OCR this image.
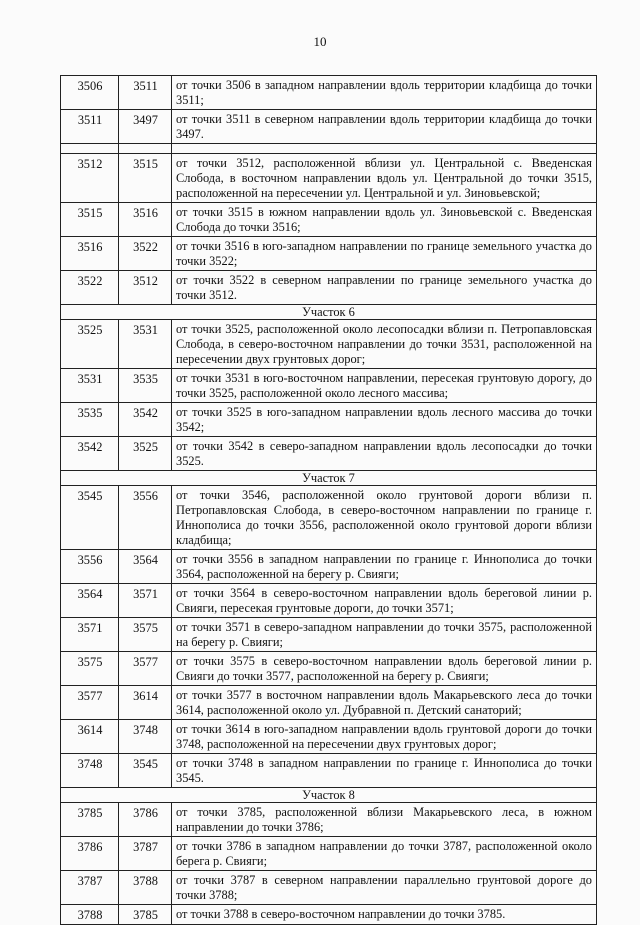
10
3506	3511	от точки 3506 в западном направлении вдоль территории кладбища до точки 3511;
3511	3497	от точки 3511 в северном направлении вдоль территории кладбища до точки 3497.

3512	3515	от точки 3512, расположенной вблизи ул. Центральной с. Введенская Слобода, в восточном направлении вдоль ул. Центральной до точки 3515, расположенной на пересечении ул. Центральной и ул. Зиновьевской;
3515	3516	от точки 3515 в южном направлении вдоль ул. Зиновьевской с. Введенская Слобода до точки 3516;
3516	3522	от точки 3516 в юго-западном направлении по границе земельного участка до точки 3522;
3522	3512	от точки 3522 в северном направлении по границе земельного участка до точки 3512.
Участок 6		
3525	3531	от точки 3525, расположенной около лесопосадки вблизи п. Петропавловская Слобода, в северо-восточном направлении до точки 3531, расположенной на пересечении двух грунтовых дорог;
3531	3535	от точки 3531 в юго-восточном направлении, пересекая грунтовую дорогу, до точки 3525, расположенной около лесного массива;
3535	3542	от точки 3525 в юго-западном направлении вдоль лесного массива до точки 3542;
3542	3525	от точки 3542 в северо-западном направлении вдоль лесопосадки до точки 3525.
Участок 7		
3545	3556	от точки 3546, расположенной около грунтовой дороги вблизи п. Петропавловская Слобода, в северо-восточном направлении по границе г. Иннополиса до точки 3556, расположенной около грунтовой дороги вблизи кладбища;
3556	3564	от точки 3556 в западном направлении по границе г. Иннополиса до точки 3564, расположенной на берегу р. Свияги;
3564	3571	от точки 3564 в северо-восточном направлении вдоль береговой линии р. Свияги, пересекая грунтовые дороги, до точки 3571;
3571	3575	от точки 3571 в северо-западном направлении до точки 3575, расположенной на берегу р. Свияги;
3575	3577	от точки 3575 в северо-восточном направлении вдоль береговой линии р. Свияги до точки 3577, расположенной на берегу р. Свияги;
3577	3614	от точки 3577 в восточном направлении вдоль Макарьевского леса до точки 3614, расположенной около ул. Дубравной п. Детский санаторий;
3614	3748	от точки 3614 в юго-западном направлении вдоль грунтовой дороги до точки 3748, расположенной на пересечении двух грунтовых дорог;
3748	3545	от точки 3748 в западном направлении по границе г. Иннополиса до точки 3545.
Участок 8		
3785	3786	от точки 3785, расположенной вблизи Макарьевского леса, в южном направлении до точки 3786;
3786	3787	от точки 3786 в западном направлении до точки 3787, расположенной около берега р. Свияги;
3787	3788	от точки 3787 в северном направлении параллельно грунтовой дороге до точки 3788;
3788	3785	от точки 3788 в северо-восточном направлении до точки 3785.
